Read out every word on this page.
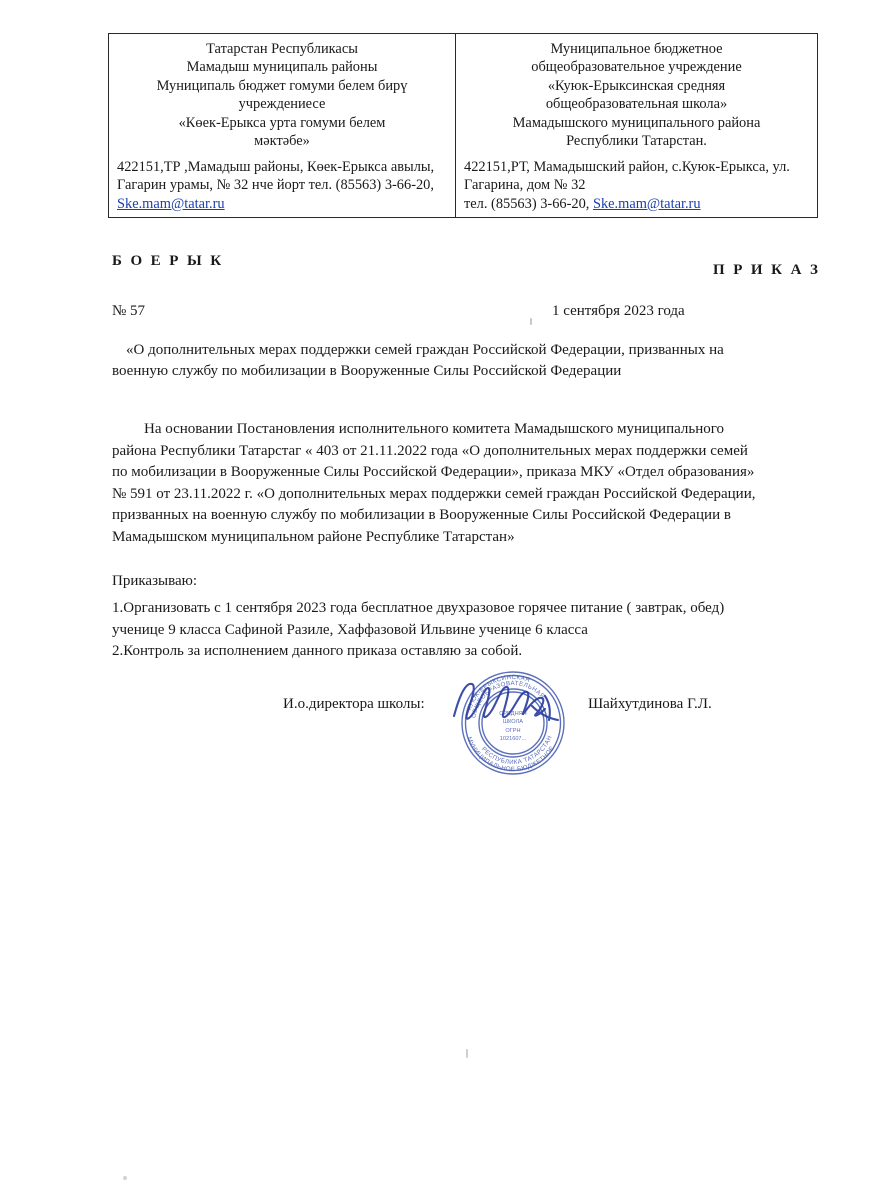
Татарстан Республикасы

Мамадыш муниципаль районы

Муниципаль бюджет гомуми белем бирү

учреждениесе

«Көек-Ерыкса урта гомуми белем

мәктәбе»

422151,ТР ,Мамадыш районы, Көек-Ерыкса авылы, Гагарин урамы, № 32 нче йорт тел. (85563) 3-66-20,

Ske.mam@tatar.ru

Муниципальное бюджетное

общеобразовательное учреждение

«Куюк-Ерыксинская средняя

общеобразовательная школа»

Мамадышского муниципального района

Республики Татарстан.

422151,РТ, Мамадышский район, с.Куюк-Ерыкса, ул. Гагарина, дом № 32

тел. (85563) 3-66-20, Ske.mam@tatar.ru

Б О Е Р Ы К
П Р И К А З
№ 57	1 сентября 2023 года
«О дополнительных мерах поддержки семей граждан Российской Федерации, призванных на военную службу по мобилизации в Вооруженные Силы Российской Федерации
На основании Постановления исполнительного комитета Мамадышского муниципального района Республики Татарстаг « 403 от 21.11.2022 года «О дополнительных мерах поддержки семей по мобилизации в Вооруженные Силы Российской Федерации», приказа МКУ «Отдел образования» № 591 от 23.11.2022 г. «О дополнительных мерах поддержки семей граждан Российской Федерации, призванных на военную службу по мобилизации в Вооруженные Силы Российской Федерации в Мамадышском муниципальном районе Республике Татарстан»
Приказываю:

1.Организовать с 1 сентября 2023 года бесплатное двухразовое горячее питание ( завтрак, обед) ученице 9 класса Сафиной Разиле, Хаффазовой Ильвине ученице 6 класса

2.Контроль за исполнением данного приказа оставляю за собой.

И.о.директора школы:	Шайхутдинова Г.Л.
КУЮК-ЕРЫКСИНСКАЯ
ОБЩЕОБРАЗОВАТЕЛЬНАЯ
МУНИЦИПАЛЬНОЕ БЮДЖЕТНОЕ
РЕСПУБЛИКА ТАТАРСТАН
СРЕДНЯЯ
ШКОЛА
ОГРН
1021607...
